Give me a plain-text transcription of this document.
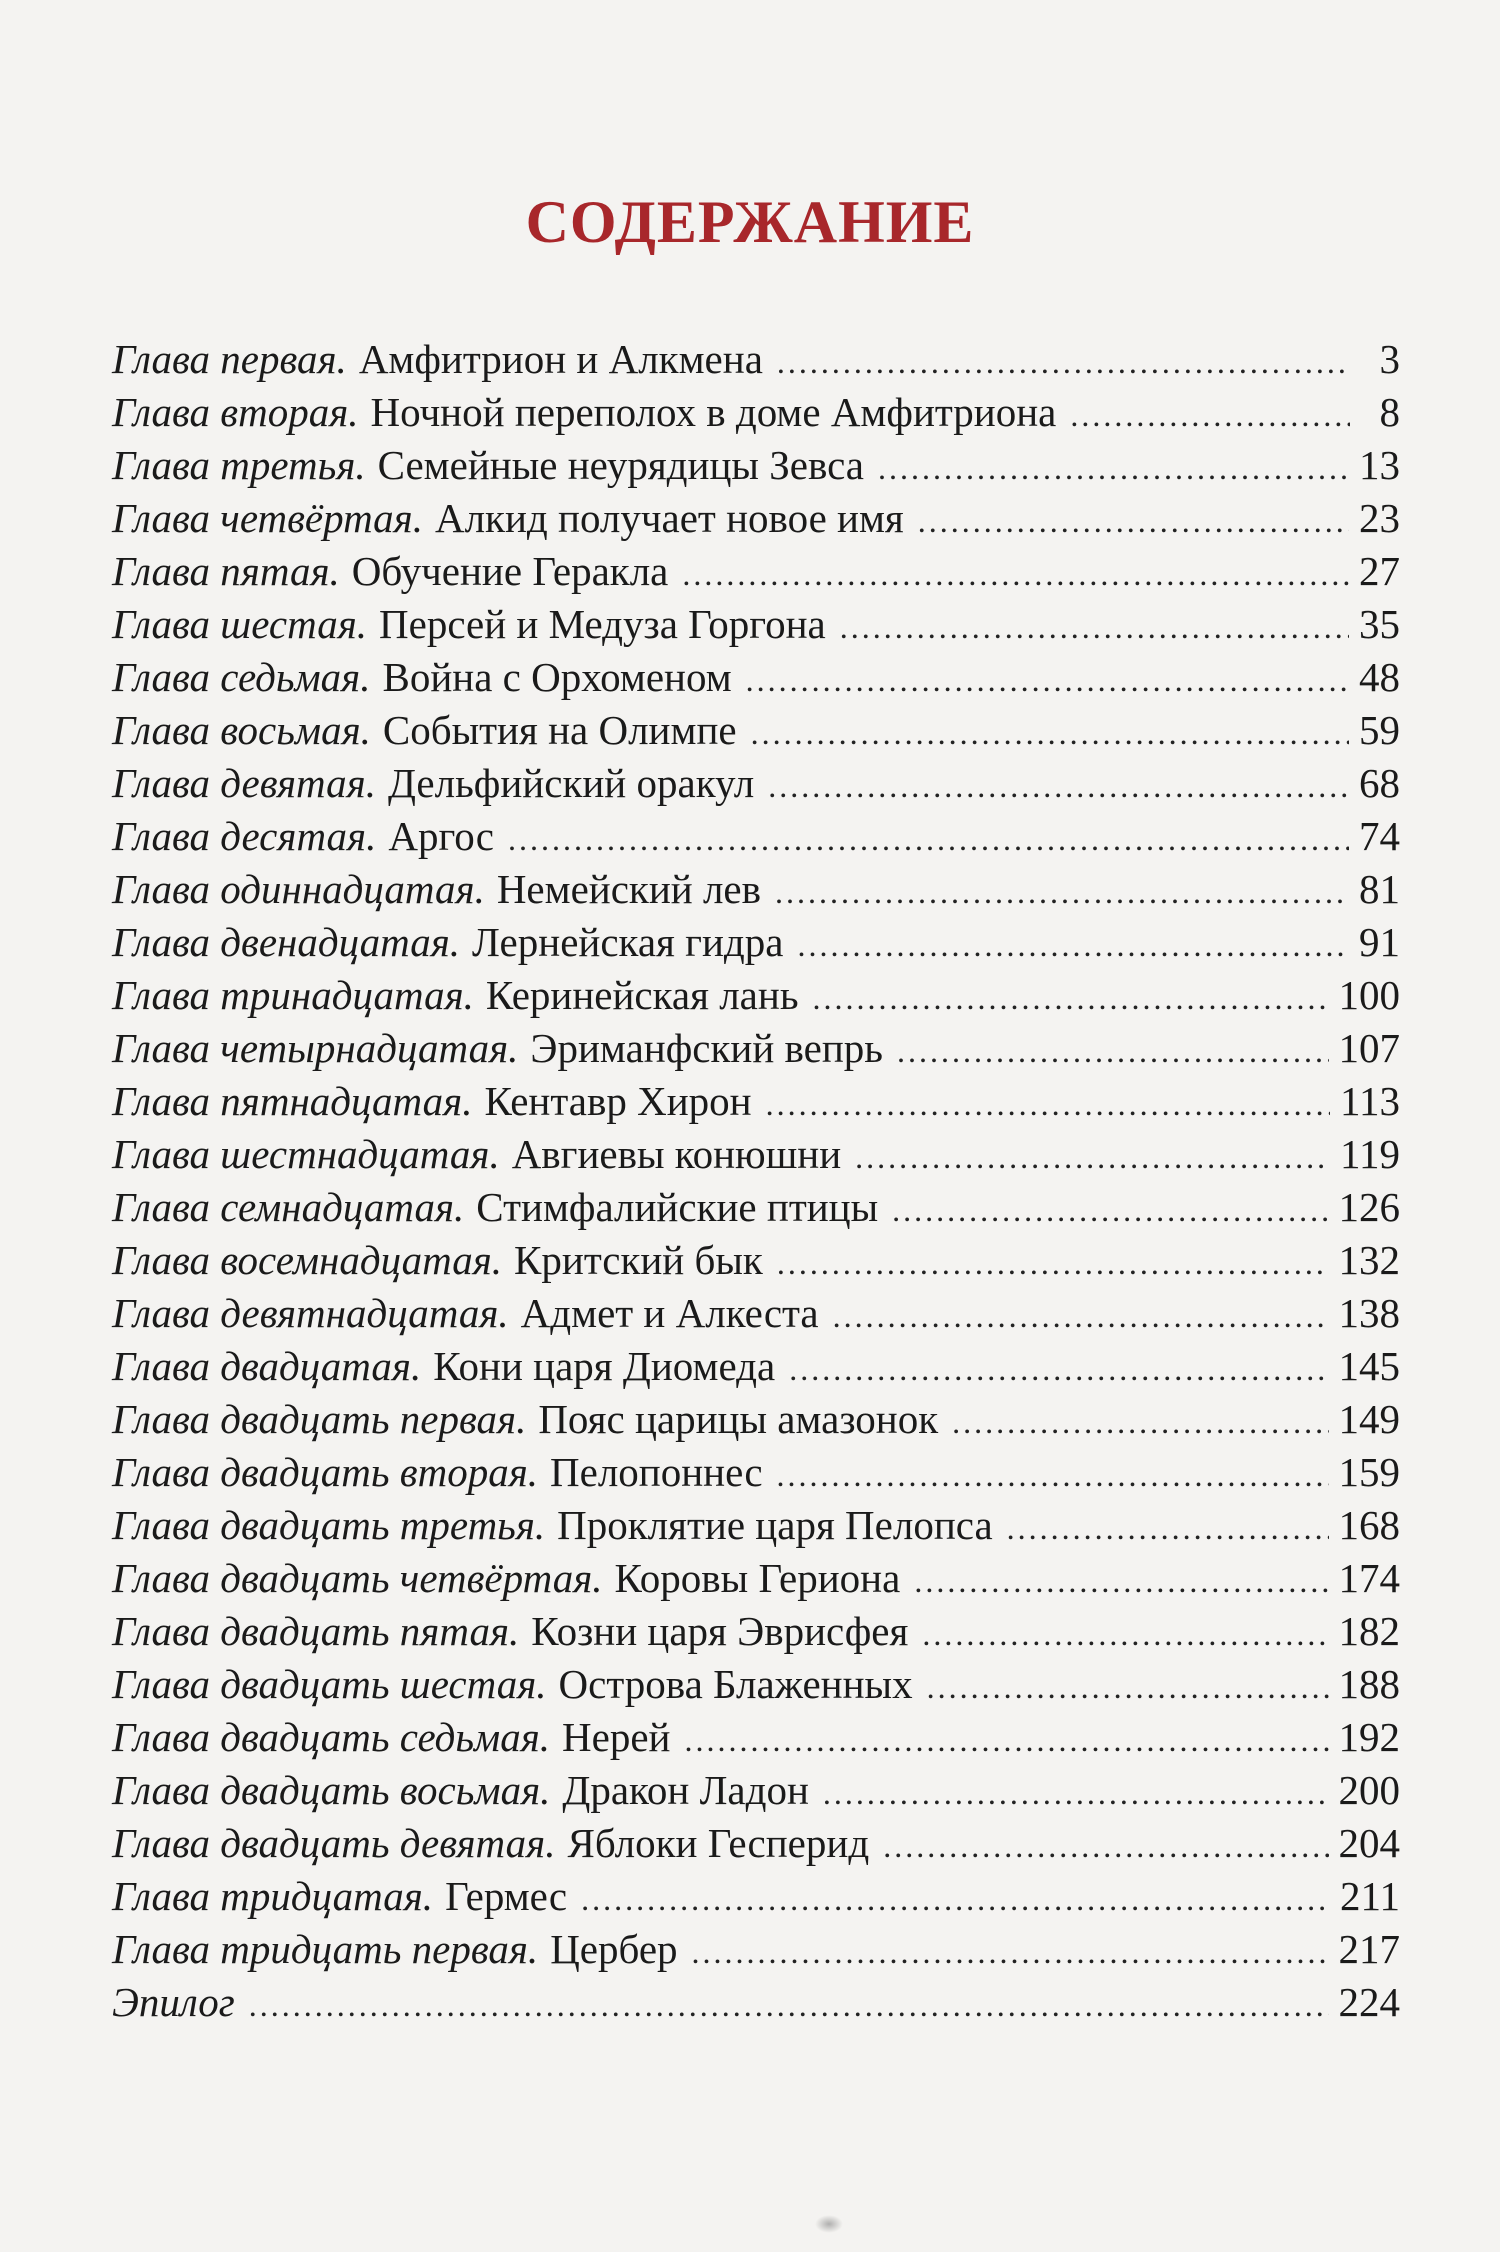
СОДЕРЖАНИЕ
Глава первая. Амфитрион и Алкмена .....	3
Глава вторая. Ночной переполох в доме Амфитриона .....	8
Глава третья. Семейные неурядицы Зевса .....	13
Глава четвёртая. Алкид получает новое имя .....	23
Глава пятая. Обучение Геракла .....	27
Глава шестая. Персей и Медуза Горгона .....	35
Глава седьмая. Война с Орхоменом .....	48
Глава восьмая. События на Олимпе .....	59
Глава девятая. Дельфийский оракул .....	68
Глава десятая. Аргос .....	74
Глава одиннадцатая. Немейский лев .....	81
Глава двенадцатая. Лернейская гидра .....	91
Глава тринадцатая. Керинейская лань .....	100
Глава четырнадцатая. Эриманфский вепрь .....	107
Глава пятнадцатая. Кентавр Хирон .....	113
Глава шестнадцатая. Авгиевы конюшни .....	119
Глава семнадцатая. Стимфалийские птицы .....	126
Глава восемнадцатая. Критский бык .....	132
Глава девятнадцатая. Адмет и Алкеста .....	138
Глава двадцатая. Кони царя Диомеда .....	145
Глава двадцать первая. Пояс царицы амазонок .....	149
Глава двадцать вторая. Пелопоннес .....	159
Глава двадцать третья. Проклятие царя Пелопса .....	168
Глава двадцать четвёртая. Коровы Гериона .....	174
Глава двадцать пятая. Козни царя Эврисфея .....	182
Глава двадцать шестая. Острова Блаженных .....	188
Глава двадцать седьмая. Нерей .....	192
Глава двадцать восьмая. Дракон Ладон .....	200
Глава двадцать девятая. Яблоки Гесперид .....	204
Глава тридцатая. Гермес .....	211
Глава тридцать первая. Цербер .....	217
Эпилог .....	224
